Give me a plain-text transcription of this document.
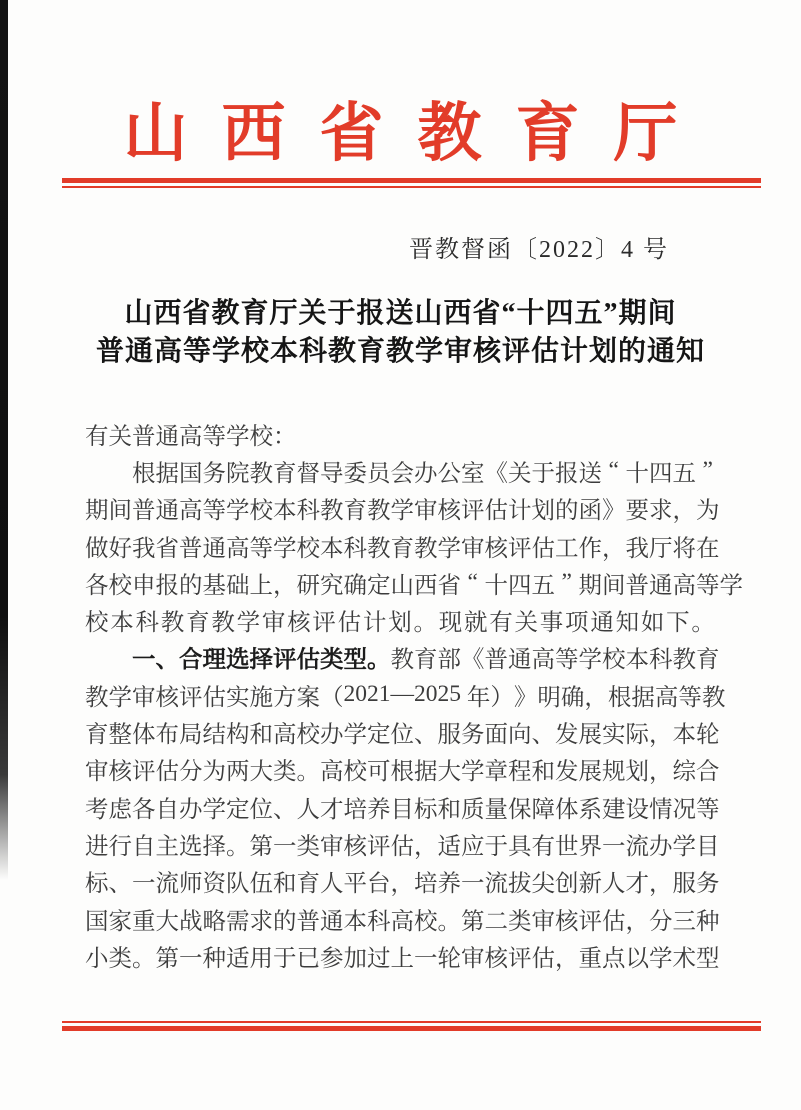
山西省教育厅
晋教督函〔2022〕4 号
山西省教育厅关于报送山西省“十四五”期间
普通高等学校本科教育教学审核评估计划的通知
有 关 普 通 高 等 学 校 ：
根 据 国 务 院 教 育 督 导 委 员 会 办 公 室 《 关 于 报 送 “ 十 四 五 ”
期 间 普 通 高 等 学 校 本 科 教 育 教 学 审 核 评 估 计 划 的 函 》 要 求 ， 为
做 好 我 省 普 通 高 等 学 校 本 科 教 育 教 学 审 核 评 估 工 作 ， 我 厅 将 在
各 校 申 报 的 基 础 上 ， 研 究 确 定 山 西 省 “ 十 四 五 ” 期 间 普 通 高 等 学
校 本 科 教 育 教 学 审 核 评 估 计 划 。 现 就 有 关 事 项 通 知 如 下 。
一 、 合 理 选 择 评 估 类 型 。 教 育 部 《 普 通 高 等 学 校 本 科 教 育
教 学 审 核 评 估 实 施 方 案 （ 2021 — 2025 年 ） 》 明 确 ， 根 据 高 等 教
育 整 体 布 局 结 构 和 高 校 办 学 定 位 、 服 务 面 向 、 发 展 实 际 ， 本 轮
审 核 评 估 分 为 两 大 类 。 高 校 可 根 据 大 学 章 程 和 发 展 规 划 ， 综 合
考 虑 各 自 办 学 定 位 、 人 才 培 养 目 标 和 质 量 保 障 体 系 建 设 情 况 等
进 行 自 主 选 择 。 第 一 类 审 核 评 估 ， 适 应 于 具 有 世 界 一 流 办 学 目
标 、 一 流 师 资 队 伍 和 育 人 平 台 ， 培 养 一 流 拔 尖 创 新 人 才 ， 服 务
国 家 重 大 战 略 需 求 的 普 通 本 科 高 校 。 第 二 类 审 核 评 估 ， 分 三 种
小 类 。 第 一 种 适 用 于 已 参 加 过 上 一 轮 审 核 评 估 ， 重 点 以 学 术 型
